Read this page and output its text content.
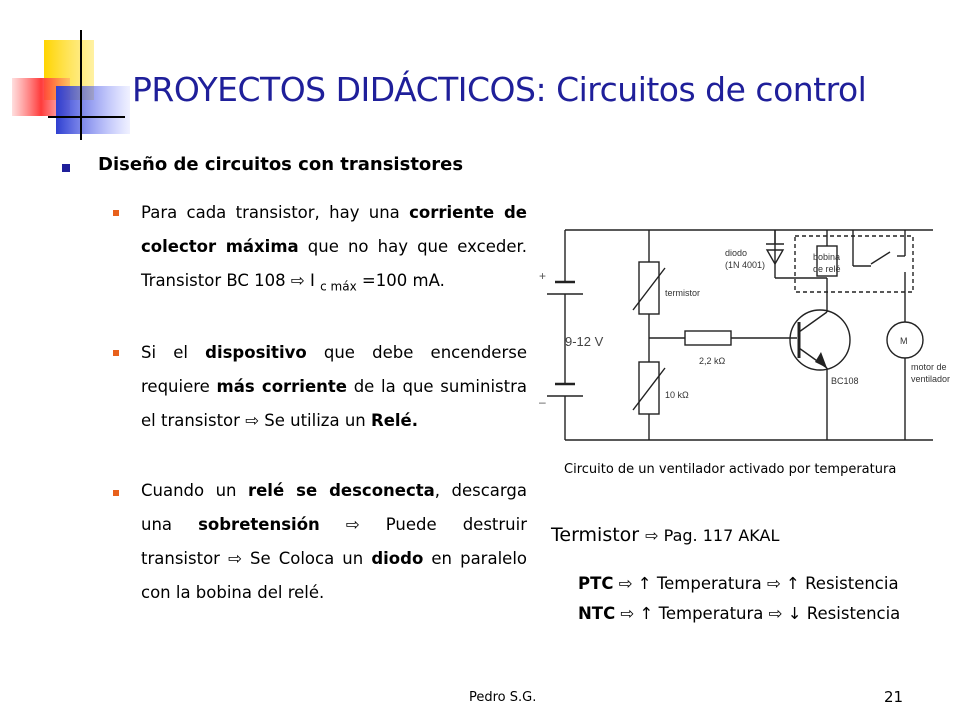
PROYECTOS DIDÁCTICOS: Circuitos de control
Diseño de circuitos con transistores
Para cada transistor, hay una corriente de colector máxima que no hay que exceder. Transistor BC 108 ⇨ I $_{c máx}$ =100 mA.
Si el dispositivo que debe encenderse requiere más corriente de la que suministra el transistor ⇨ Se utiliza un Relé.
Cuando un relé se desconecta, descarga una sobretensión ⇨ Puede destruir transistor ⇨ Se Coloca un diodo en paralelo con la bobina del relé.
+
–
9-12 V
termistor
diodo
(1N 4001)
bobina
de relé
2,2 kΩ
10 kΩ
BC108
M
motor de
ventilador
Circuito de un ventilador activado por temperatura
Termistor ⇨ Pag. 117 AKAL
PTC ⇨ ↑ Temperatura ⇨ ↑ Resistencia
NTC ⇨ ↑ Temperatura ⇨ ↓ Resistencia
Pedro S.G.	21
